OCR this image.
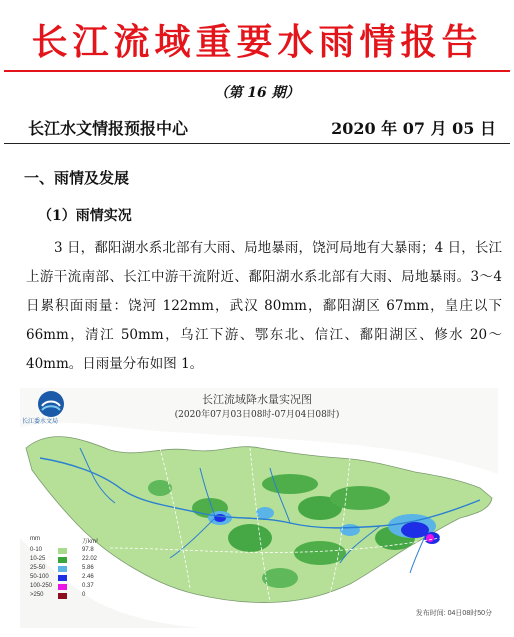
长江流域重要水雨情报告
（第 16 期）
长江水文情报预报中心	2020 年 07 月 05 日
一、雨情及发展
（1）雨情实况

3 日，鄱阳湖水系北部有大雨、局地暴雨，饶河局地有大暴雨；4 日，长江上游干流南部、长江中游干流附近、鄱阳湖水系北部有大雨、局地暴雨。3～4 日累积面雨量：饶河 122mm，武汉 80mm，鄱阳湖区 67mm，皇庄以下 66mm，清江 50mm，乌江下游、鄂东北、信江、鄱阳湖区、修水 20～40mm。日雨量分布如图 1。

长江委水文局
长江流域降水量实况图
(2020年07月03日08时-07月04日08时)
mm	万km²
0-10	97.8
10-25	22.02
25-50	5.86
50-100	2.46
100-250	0.37
>250	0
发布时间: 04日08时50分
